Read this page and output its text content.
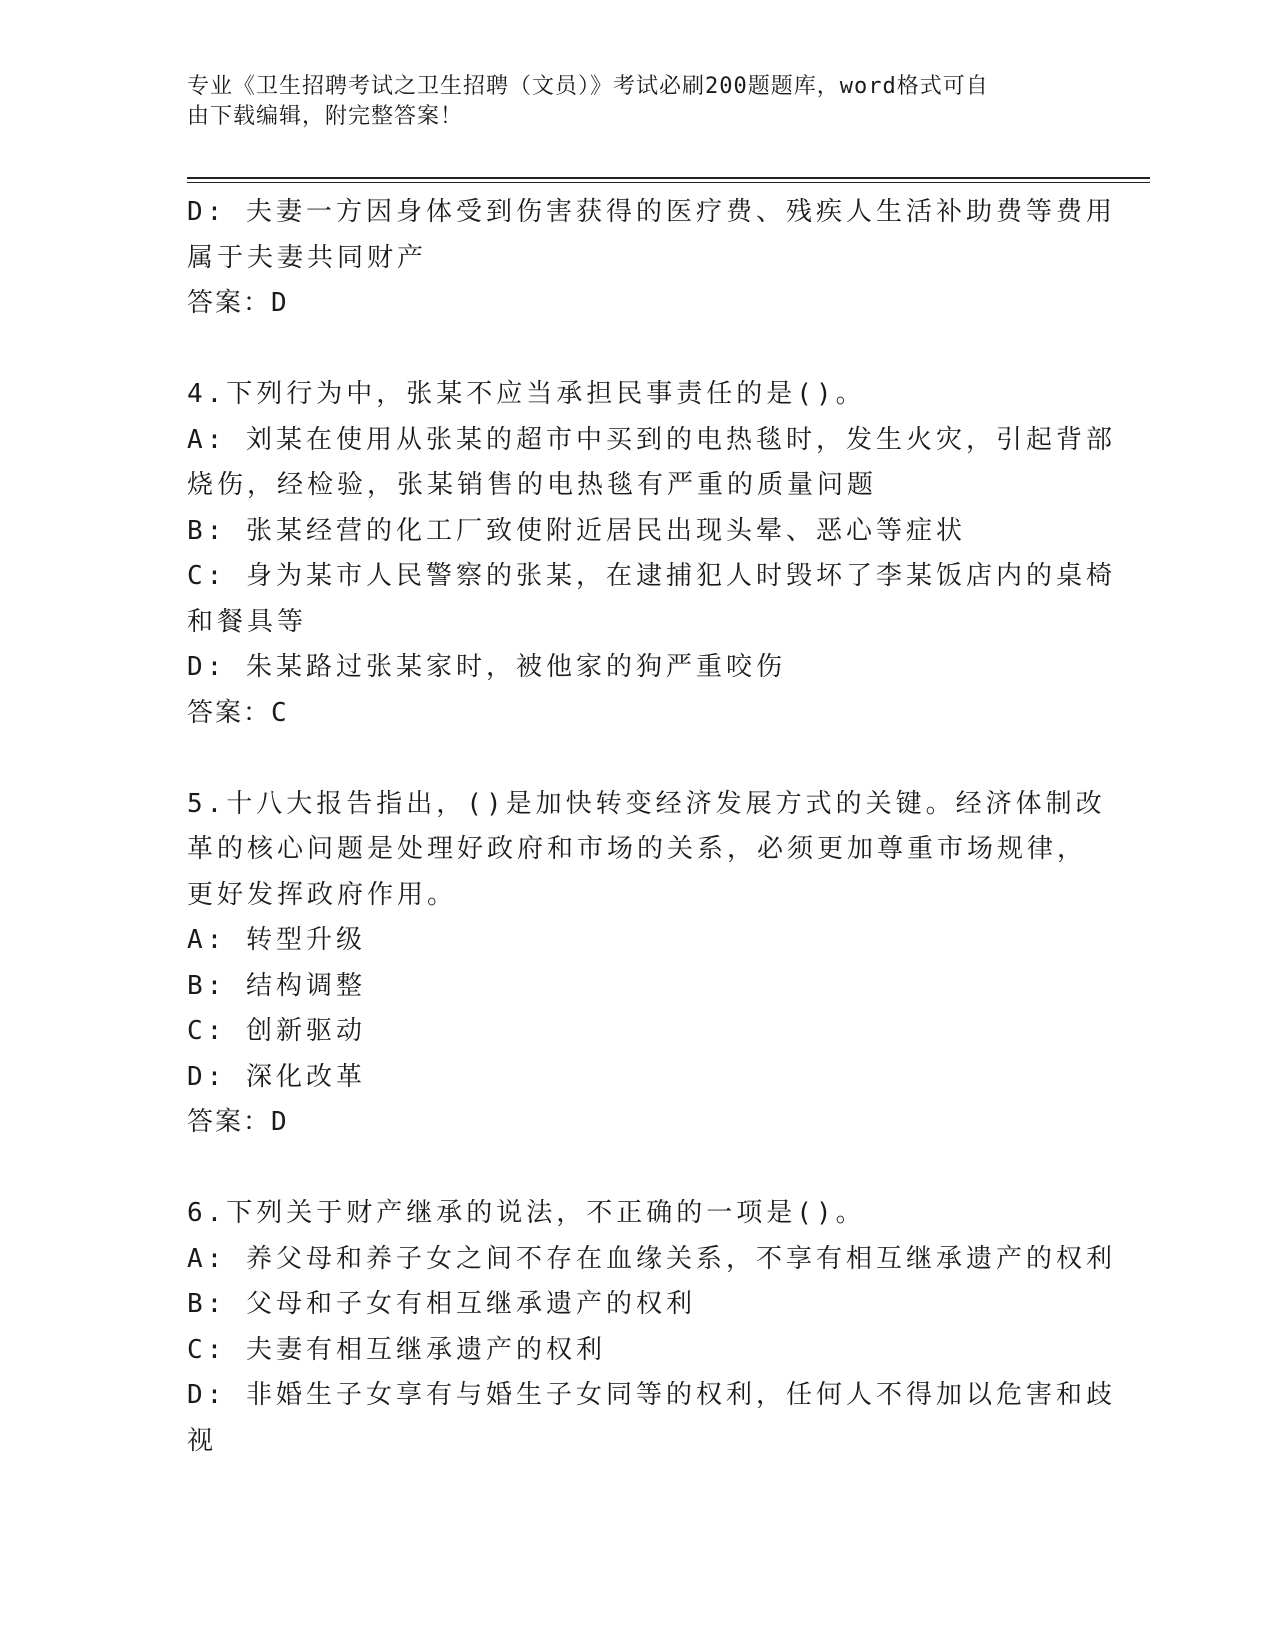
专业《卫生招聘考试之卫生招聘（文员）》考试必刷200题题库，word格式可自
由下载编辑，附完整答案！
D: 夫妻一方因身体受到伤害获得的医疗费、残疾人生活补助费等费用
属于夫妻共同财产
答案：D
4.下列行为中，张某不应当承担民事责任的是()。
A: 刘某在使用从张某的超市中买到的电热毯时，发生火灾，引起背部
烧伤，经检验，张某销售的电热毯有严重的质量问题
B: 张某经营的化工厂致使附近居民出现头晕、恶心等症状
C: 身为某市人民警察的张某，在逮捕犯人时毁坏了李某饭店内的桌椅
和餐具等
D: 朱某路过张某家时，被他家的狗严重咬伤
答案：C
5.十八大报告指出，()是加快转变经济发展方式的关键。经济体制改
革的核心问题是处理好政府和市场的关系，必须更加尊重市场规律，
更好发挥政府作用。
A: 转型升级
B: 结构调整
C: 创新驱动
D: 深化改革
答案：D
6.下列关于财产继承的说法，不正确的一项是()。
A: 养父母和养子女之间不存在血缘关系，不享有相互继承遗产的权利
B: 父母和子女有相互继承遗产的权利
C: 夫妻有相互继承遗产的权利
D: 非婚生子女享有与婚生子女同等的权利，任何人不得加以危害和歧
视
